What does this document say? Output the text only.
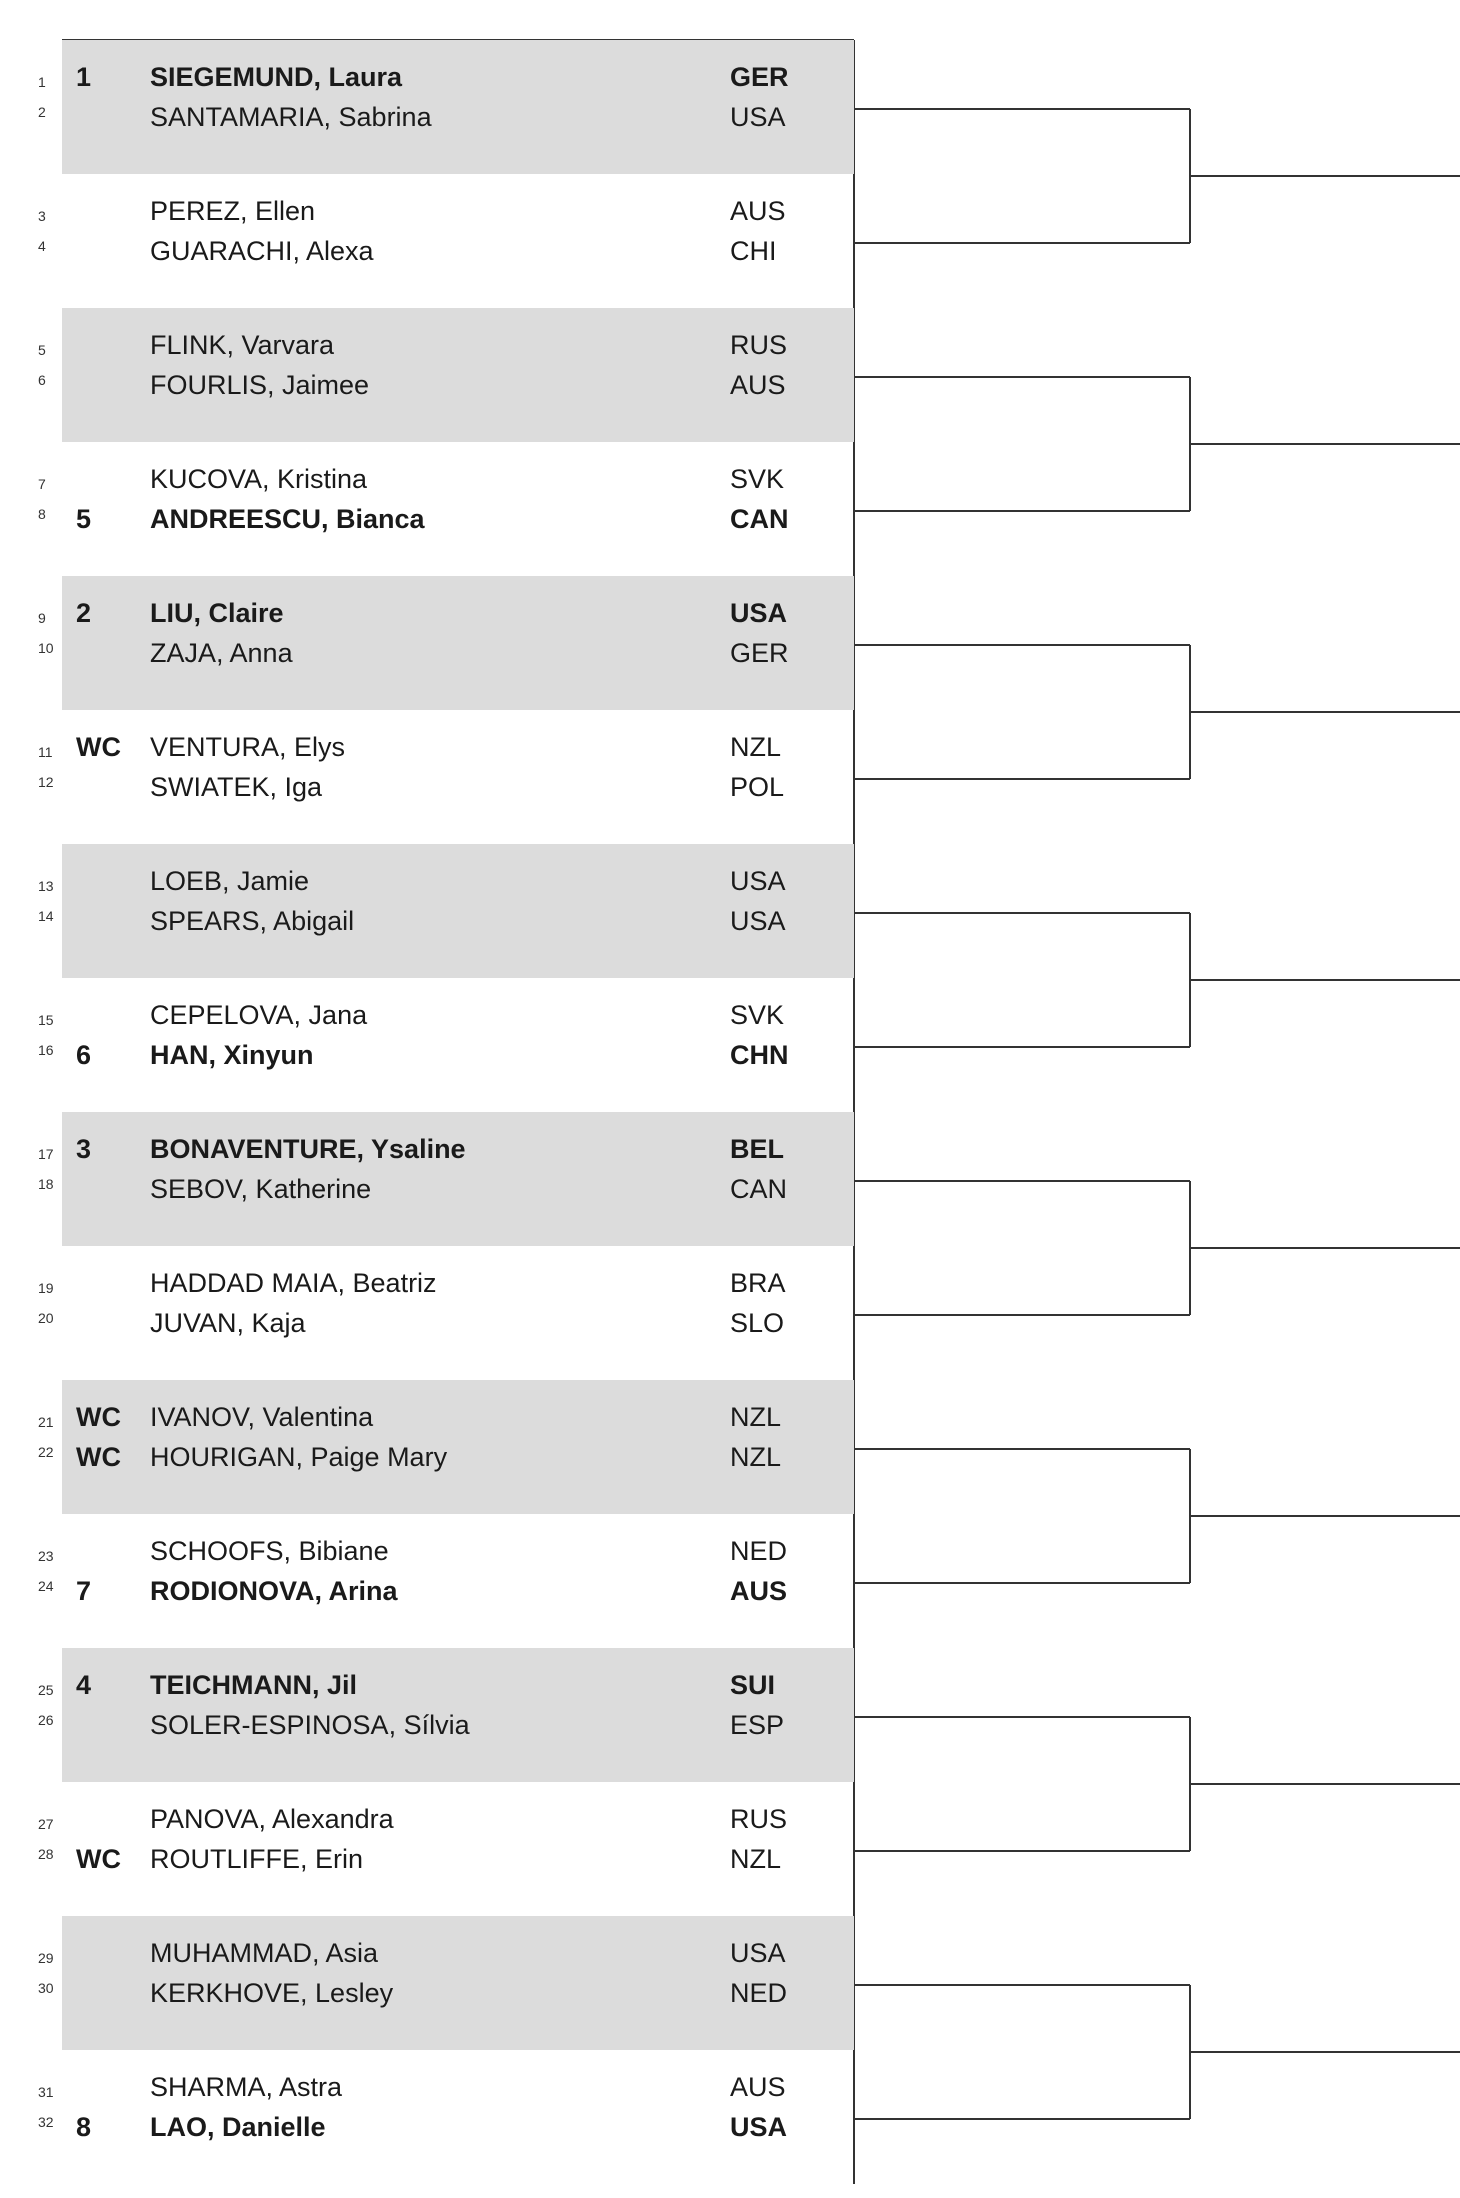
1	1	SIEGEMUND, Laura	GER
2	SANTAMARIA, Sabrina	USA
3	PEREZ, Ellen	AUS
4	GUARACHI, Alexa	CHI
5	FLINK, Varvara	RUS
6	FOURLIS, Jaimee	AUS
7	KUCOVA, Kristina	SVK
8	5	ANDREESCU, Bianca	CAN
9	2	LIU, Claire	USA
10	ZAJA, Anna	GER
11 WC	VENTURA, Elys	NZL
12	SWIATEK, Iga	POL
13	LOEB, Jamie	USA
14	SPEARS, Abigail	USA
15	CEPELOVA, Jana	SVK
16 6	HAN, Xinyun	CHN
17 3	BONAVENTURE, Ysaline	BEL
18	SEBOV, Katherine	CAN
19	HADDAD MAIA, Beatriz	BRA
20	JUVAN, Kaja	SLO
21 WC	IVANOV, Valentina	NZL
22 WC	HOURIGAN, Paige Mary	NZL
23	SCHOOFS, Bibiane	NED
24 7	RODIONOVA, Arina	AUS
25 4	TEICHMANN, Jil	SUI
26	SOLER-ESPINOSA, Sílvia	ESP
27	PANOVA, Alexandra	RUS
28 WC	ROUTLIFFE, Erin	NZL
29	MUHAMMAD, Asia	USA
30	KERKHOVE, Lesley	NED
31	SHARMA, Astra	AUS
32 8	LAO, Danielle	USA
